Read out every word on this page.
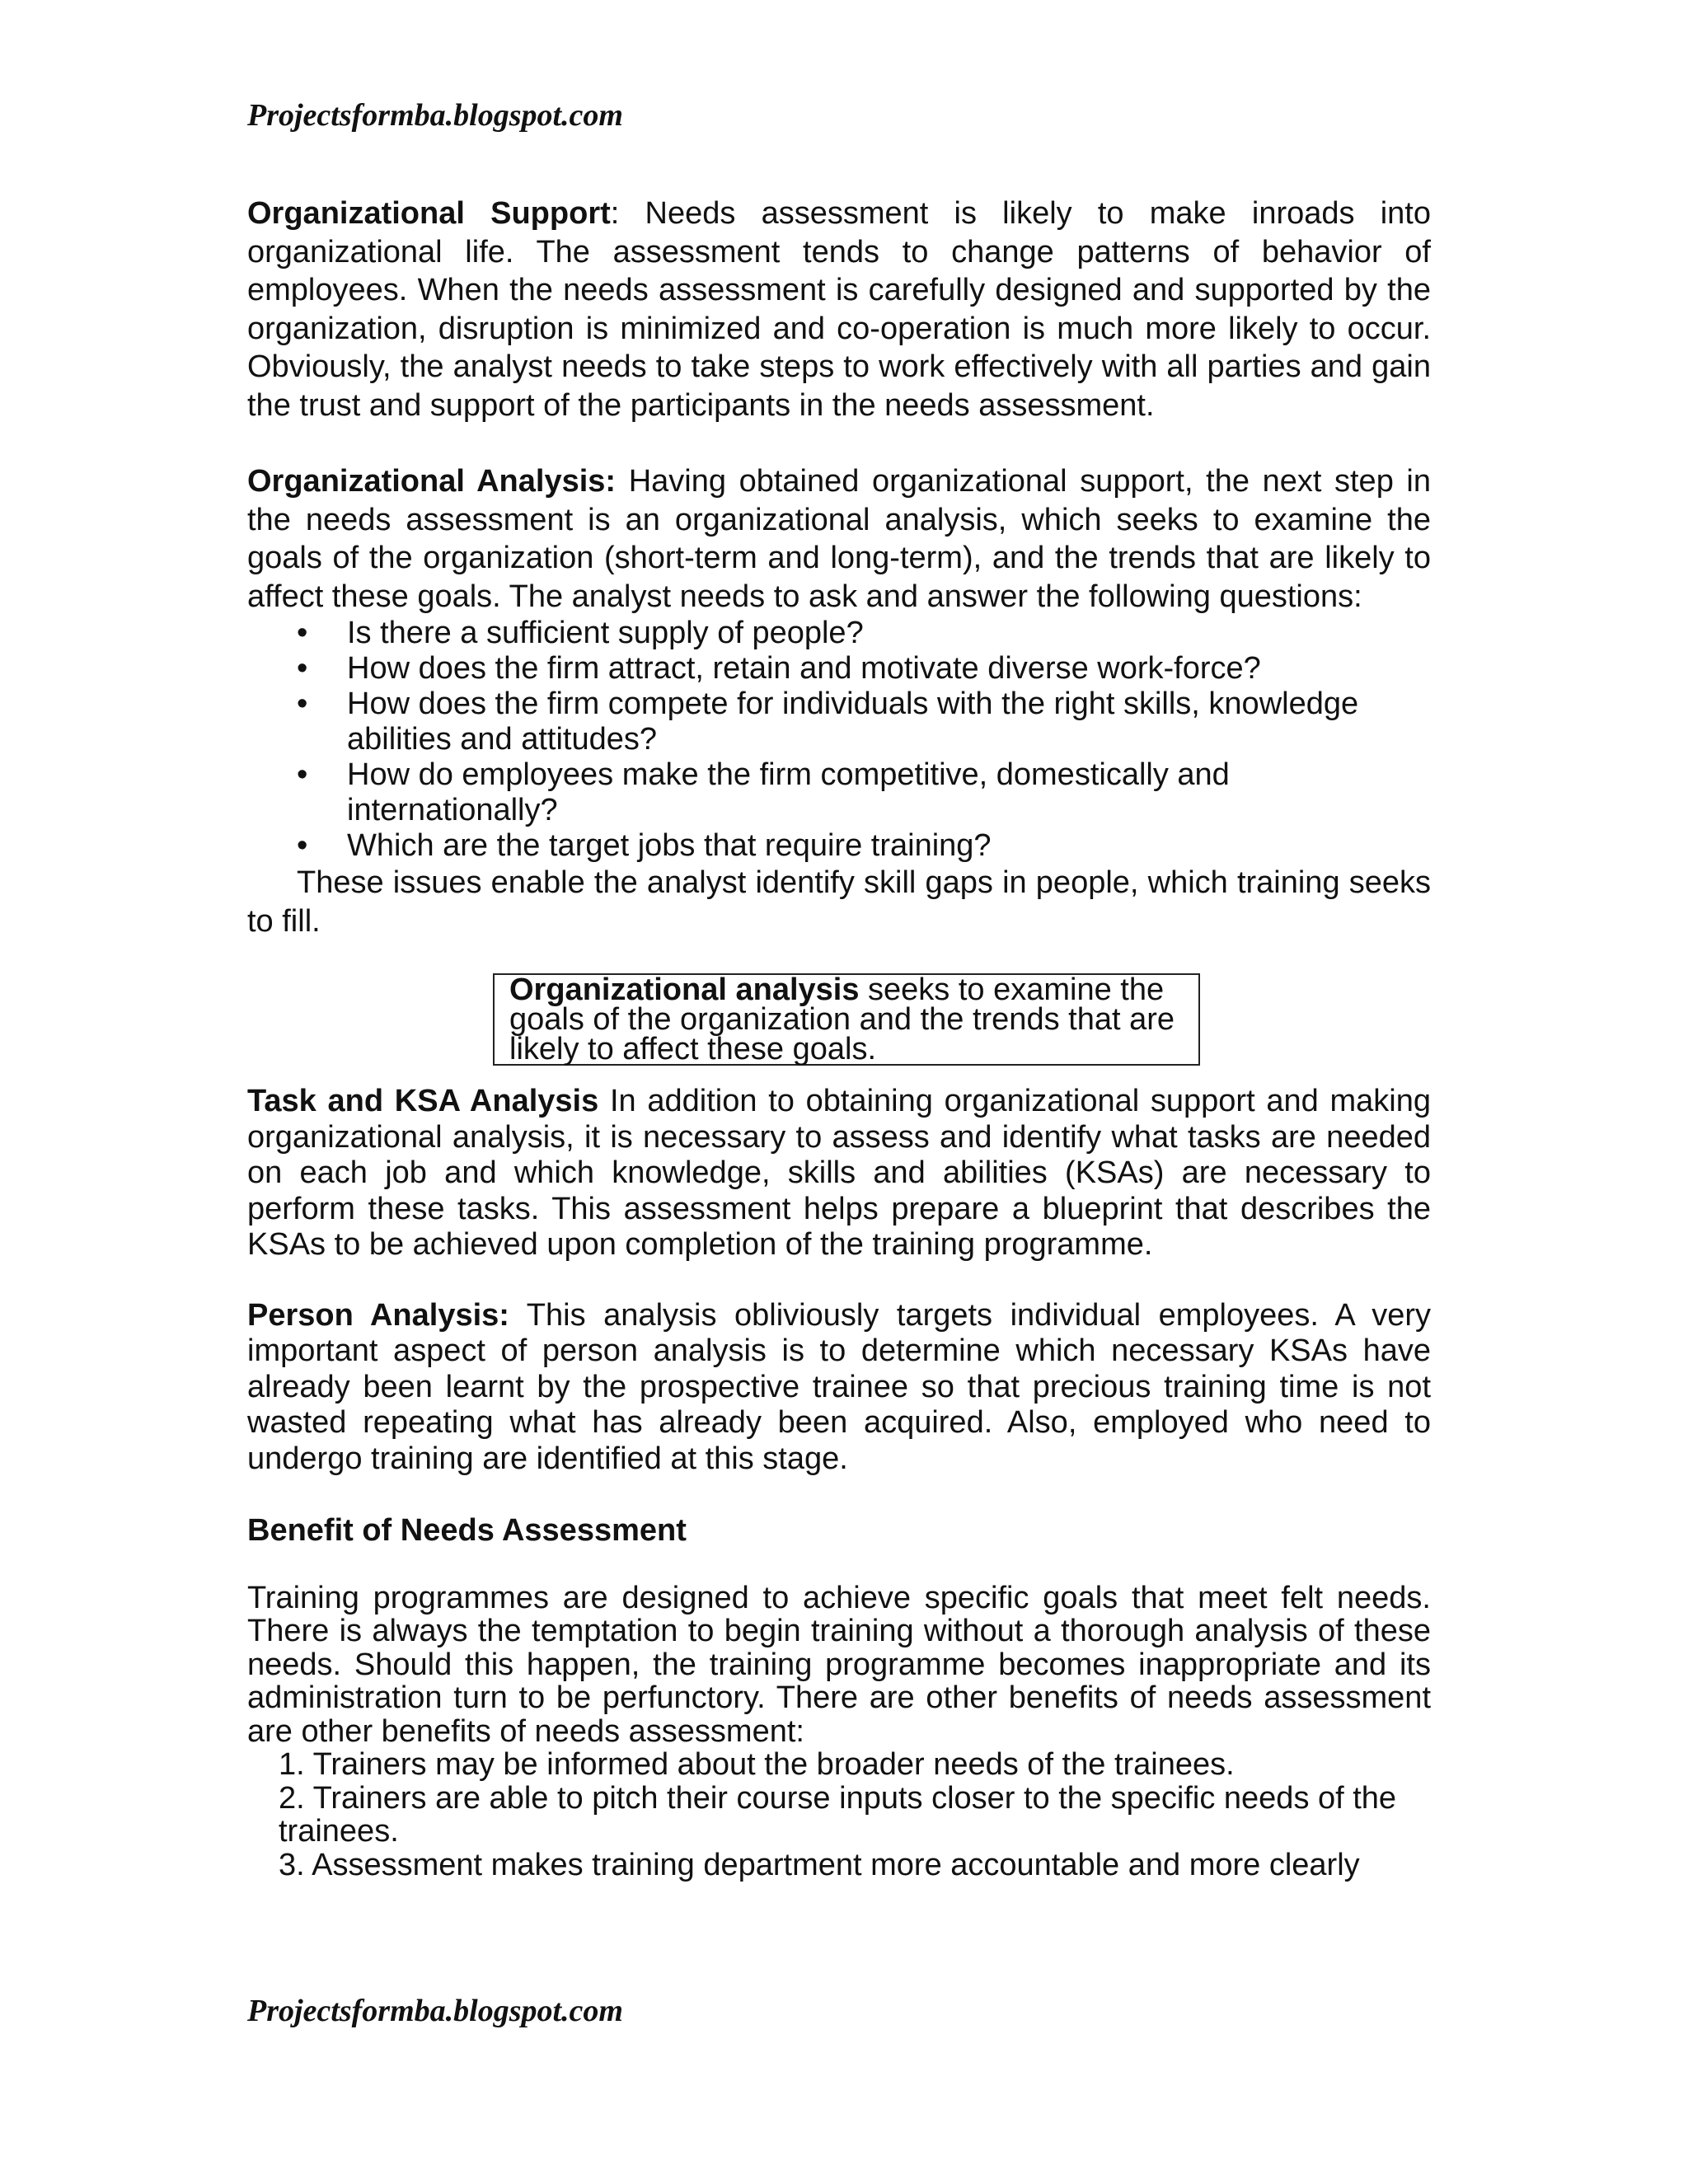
Projectsformba.blogspot.com

Organizational Support: Needs assessment is likely to make inroads into organizational life. The assessment tends to change patterns of behavior of employees. When the needs assessment is carefully designed and supported by the organization, disruption is minimized and co-operation is much more likely to occur. Obviously, the analyst needs to take steps to work effectively with all parties and gain the trust and support of the participants in the needs assessment.

Organizational Analysis: Having obtained organizational support, the next step in the needs assessment is an organizational analysis, which seeks to examine the goals of the organization (short-term and long-term), and the trends that are likely to affect these goals. The analyst needs to ask and answer the following questions:

• Is there a sufficient supply of people?
• How does the firm attract, retain and motivate diverse work-force?
• How does the firm compete for individuals with the right skills, knowledge abilities and attitudes?
• How do employees make the firm competitive, domestically and internationally?
• Which are the target jobs that require training?

These issues enable the analyst identify skill gaps in people, which training seeks to fill.

Organizational analysis seeks to examine the goals of the organization and the trends that are likely to affect these goals.

Task and KSA Analysis In addition to obtaining organizational support and making organizational analysis, it is necessary to assess and identify what tasks are needed on each job and which knowledge, skills and abilities (KSAs) are necessary to perform these tasks. This assessment helps prepare a blueprint that describes the KSAs to be achieved upon completion of the training programme.

Person Analysis: This analysis obliviously targets individual employees. A very important aspect of person analysis is to determine which necessary KSAs have already been learnt by the prospective trainee so that precious training time is not wasted repeating what has already been acquired. Also, employed who need to undergo training are identified at this stage.

Benefit of Needs Assessment

Training programmes are designed to achieve specific goals that meet felt needs. There is always the temptation to begin training without a thorough analysis of these needs. Should this happen, the training programme becomes inappropriate and its administration turn to be perfunctory. There are other benefits of needs assessment are other benefits of needs assessment:

1. Trainers may be informed about the broader needs of the trainees.
2. Trainers are able to pitch their course inputs closer to the specific needs of the trainees.
3. Assessment makes training department more accountable and more clearly
Projectsformba.blogspot.com
